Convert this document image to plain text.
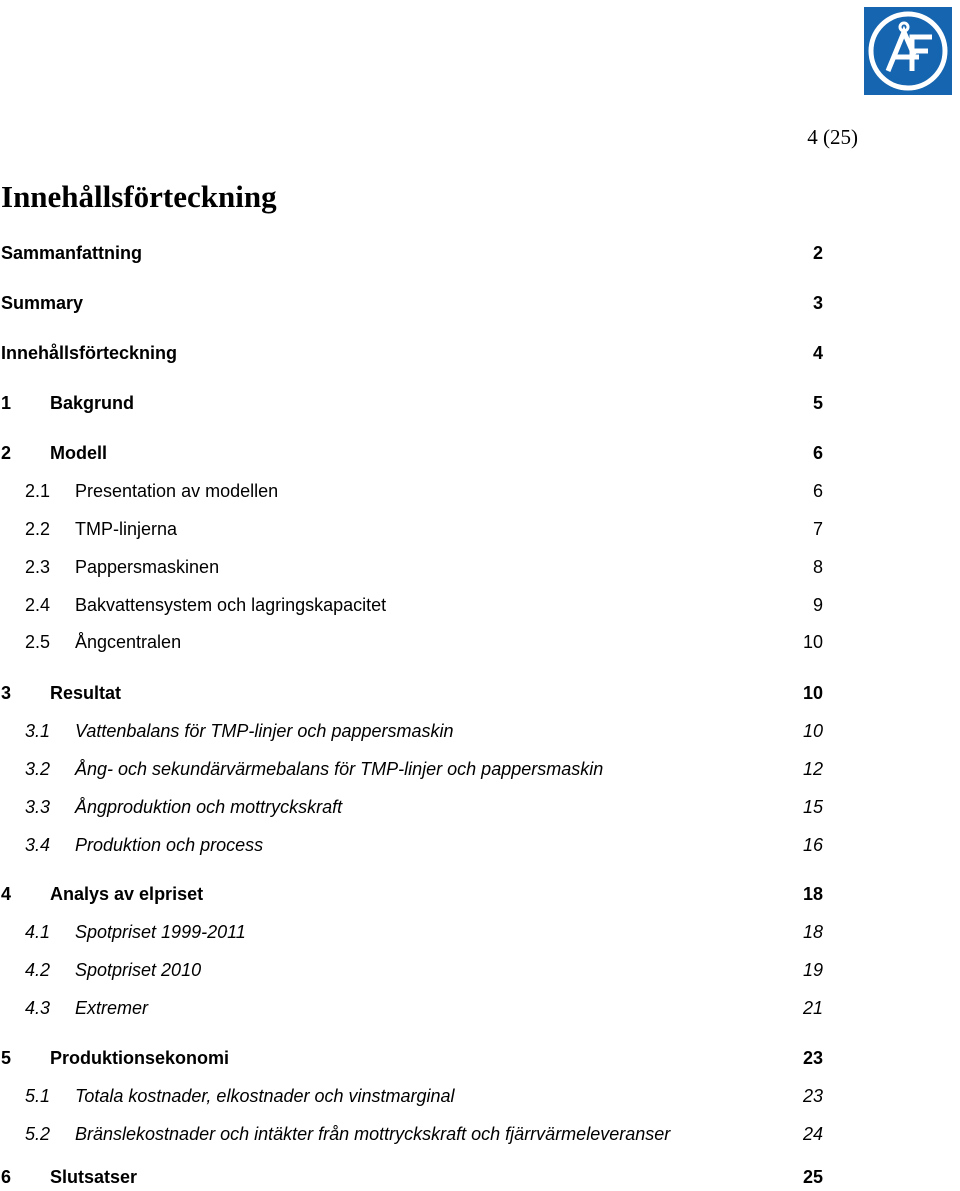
4 (25)
Innehållsförteckning
Sammanfattning	2
Summary	3
Innehållsförteckning	4
1 Bakgrund	5
2 Modell	6
2.1 Presentation av modellen	6
2.2 TMP-linjerna	7
2.3 Pappersmaskinen	8
2.4 Bakvattensystem och lagringskapacitet	9
2.5 Ångcentralen	10
3 Resultat	10
3.1 Vattenbalans för TMP-linjer och pappersmaskin	10
3.2 Ång- och sekundärvärmebalans för TMP-linjer och pappersmaskin	12
3.3 Ångproduktion och mottryckskraft	15
3.4 Produktion och process	16
4 Analys av elpriset	18
4.1 Spotpriset 1999-2011	18
4.2 Spotpriset 2010	19
4.3 Extremer	21
5 Produktionsekonomi	23
5.1 Totala kostnader, elkostnader och vinstmarginal	23
5.2 Bränslekostnader och intäkter från mottryckskraft och fjärrvärmeleveranser	24
6 Slutsatser	25
